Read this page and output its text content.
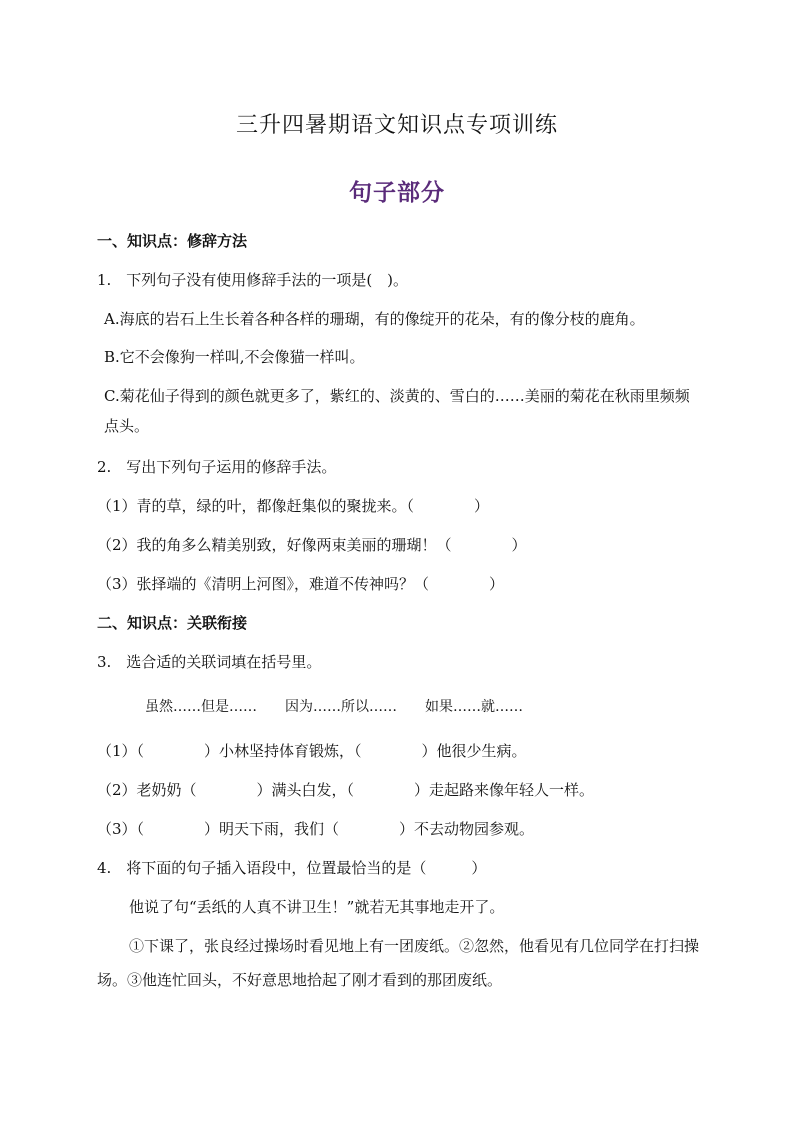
三升四暑期语文知识点专项训练
句子部分
一、知识点：修辞方法
1.　下列句子没有使用修辞手法的一项是(　)。
A.海底的岩石上生长着各种各样的珊瑚，有的像绽开的花朵，有的像分枝的鹿角。
B.它不会像狗一样叫,不会像猫一样叫。
C.菊花仙子得到的颜色就更多了，紫红的、淡黄的、雪白的……美丽的菊花在秋雨里频频点头。
2.　写出下列句子运用的修辞手法。
（1）青的草，绿的叶，都像赶集似的聚拢来。（　　　　）
（2）我的角多么精美别致，好像两束美丽的珊瑚！（　　　　）
（3）张择端的《清明上河图》，难道不传神吗？（　　　　）
二、知识点：关联衔接
3.　选合适的关联词填在括号里。
虽然……但是……　　因为……所以……　　如果……就……
（1）（　　　　）小林坚持体育锻炼，（　　　　）他很少生病。
（2）老奶奶（　　　　）满头白发，（　　　　）走起路来像年轻人一样。
（3）（　　　　）明天下雨，我们（　　　　）不去动物园参观。
4.　将下面的句子插入语段中，位置最恰当的是（　　　）
他说了句“丢纸的人真不讲卫生！”就若无其事地走开了。
①下课了，张良经过操场时看见地上有一团废纸。②忽然，他看见有几位同学在打扫操场。③他连忙回头，不好意思地拾起了刚才看到的那团废纸。
